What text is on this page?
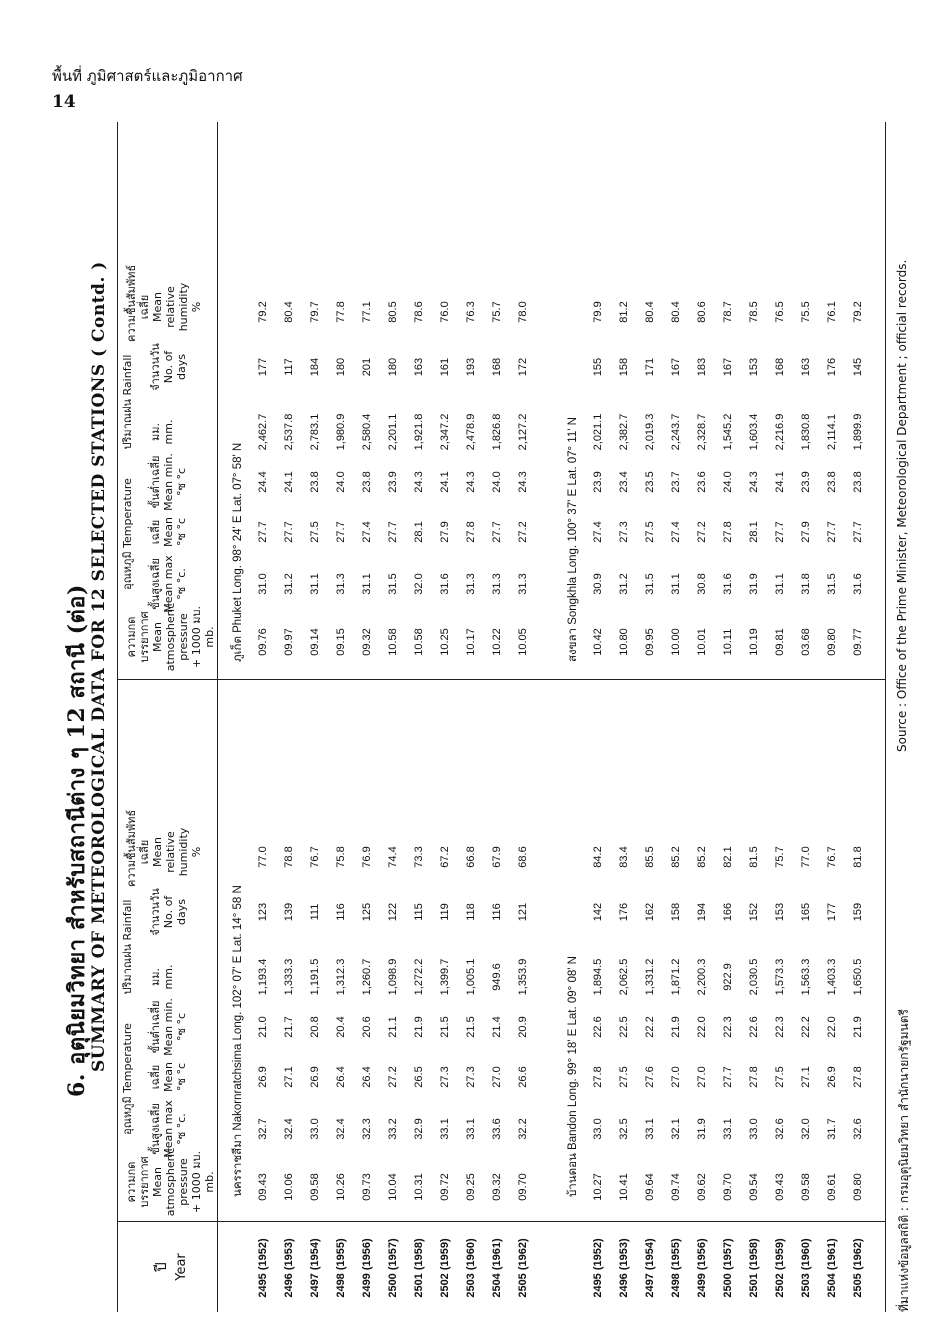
พื้นที่ ภูมิศาสตร์และภูมิอากาศ
14
6. อุตุนิยมวิทยา สำหรับสถานีต่าง ๆ 12 สถานี (ต่อ) SUMMARY OF METEOROLOGICAL DATA FOR 12 SELECTED STATIONS ( Contd. )
ปี Year
อุณหภูมิ Temperature
ปริมาณฝน Rainfall
ความกดบรรยากาศ Mean atmospheric pressure + 1000 มบ. mb.
ขั้นสูงเฉลี่ย Mean max °ซ °c.
เฉลี่ย Mean °ซ °c
ขั้นต่ำเฉลี่ย Mean min. °ซ °c
มม. mm.
จำนวนวัน No. of days
ความชื้นสัมพัทธ์เฉลี่ย Mean relative humidity %
อุณหภูมิ Temperature
ปริมาณฝน Rainfall
ความกดบรรยากาศ Mean atmospheric pressure + 1000 มบ. mb.
ขั้นสูงเฉลี่ย Mean max °ซ °c.
เฉลี่ย Mean °ซ °c
ขั้นต่ำเฉลี่ย Mean min. °ซ °c
มม. mm.
จำนวนวัน No. of days
ความชื้นสัมพัทธ์เฉลี่ย Mean relative humidity %
นครราชสีมา Nakornratchsima Long. 102° 07' E Lat. 14° 58 N
ภูเก็ต Phuket Long. 98° 24' E Lat. 07° 58' N
2495 (1952)
09.43
32.7
26.9
21.0
1,193.4
123
77.0
09.76
31.0
27.7
24.4
2,462.7
177
79.2
2496 (1953)
10.06
32.4
27.1
21.7
1,333.3
139
78.8
09.97
31.2
27.7
24.1
2,537.8
117
80.4
2497 (1954)
09.58
33.0
26.9
20.8
1,191.5
111
76.7
09.14
31.1
27.5
23.8
2,783.1
184
79.7
2498 (1955)
10.26
32.4
26.4
20.4
1,312.3
116
75.8
09.15
31.3
27.7
24.0
1,980.9
180
77.8
2499 (1956)
09.73
32.3
26.4
20.6
1,260.7
125
76.9
09.32
31.1
27.4
23.8
2,580.4
201
77.1
2500 (1957)
10.04
33.2
27.2
21.1
1,098.9
122
74.4
10.58
31.5
27.7
23.9
2,201.1
180
80.5
2501 (1958)
10.31
32.9
26.5
21.9
1,272.2
115
73.3
10.58
32.0
28.1
24.3
1,921.8
163
78.6
2502 (1959)
09.72
33.1
27.3
21.5
1,399.7
119
67.2
10.25
31.6
27.9
24.1
2,347.2
161
76.0
2503 (1960)
09.25
33.1
27.3
21.5
1,005.1
118
66.8
10.17
31.3
27.8
24.3
2,478.9
193
76.3
2504 (1961)
09.32
33.6
27.0
21.4
949.6
116
67.9
10.22
31.3
27.7
24.0
1,826.8
168
75.7
2505 (1962)
09.70
32.2
26.6
20.9
1,353.9
121
68.6
10.05
31.3
27.2
24.3
2,127.2
172
78.0
บ้านดอน Bandon Long. 99° 18' E Lat. 09° 08' N
สงขลา Songkhla Long. 100° 37' E Lat. 07° 11' N
2495 (1952)
10.27
33.0
27.8
22.6
1,894.5
142
84.2
10.42
30.9
27.4
23.9
2,021.1
155
79.9
2496 (1953)
10.41
32.5
27.5
22.5
2,062.5
176
83.4
10.80
31.2
27.3
23.4
2,382.7
158
81.2
2497 (1954)
09.64
33.1
27.6
22.2
1,331.2
162
85.5
09.95
31.5
27.5
23.5
2,019.3
171
80.4
2498 (1955)
09.74
32.1
27.0
21.9
1,871.2
158
85.2
10.00
31.1
27.4
23.7
2,243.7
167
80.4
2499 (1956)
09.62
31.9
27.0
22.0
2,200.3
194
85.2
10.01
30.8
27.2
23.6
2,328.7
183
80.6
2500 (1957)
09.70
33.1
27.7
22.3
922.9
166
82.1
10.11
31.6
27.8
24.0
1,545.2
167
78.7
2501 (1958)
09.54
33.0
27.8
22.6
2,030.5
152
81.5
10.19
31.9
28.1
24.3
1,603.4
153
78.5
2502 (1959)
09.43
32.6
27.5
22.3
1,573.3
153
75.7
09.81
31.1
27.7
24.1
2,216.9
168
76.5
2503 (1960)
09.58
32.0
27.1
22.2
1,563.3
165
77.0
03.68
31.8
27.9
23.9
1,830.8
163
75.5
2504 (1961)
09.61
31.7
26.9
22.0
1,403.3
177
76.7
09.80
31.5
27.7
23.8
2,114.1
176
76.1
2505 (1962)
09.80
32.6
27.8
21.9
1,650.5
159
81.8
09.77
31.6
27.7
23.8
1,899.9
145
79.2
ที่มาแห่งข้อมูลสถิติ : กรมอุตุนิยมวิทยา สำนักนายกรัฐมนตรี
Source : Office of the Prime Minister, Meteorological Department ; official records.
